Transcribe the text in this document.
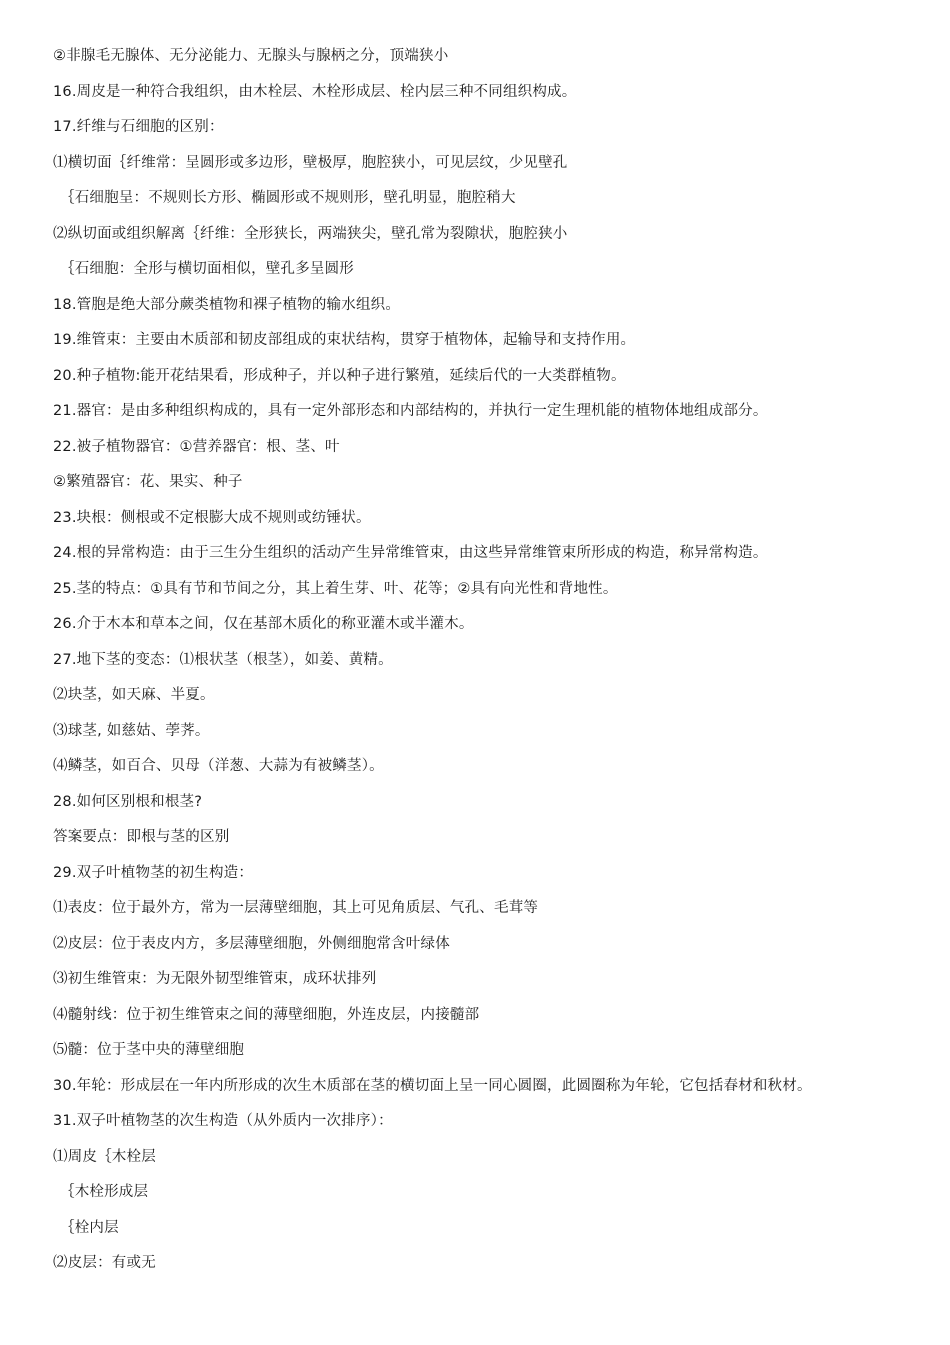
②非腺毛无腺体、无分泌能力、无腺头与腺柄之分，顶端狭小
16.周皮是一种符合我组织，由木栓层、木栓形成层、栓内层三种不同组织构成。
17.纤维与石细胞的区别：
⑴横切面｛纤维常：呈圆形或多边形，壁极厚，胞腔狭小，可见层纹，少见壁孔
｛石细胞呈：不规则长方形、椭圆形或不规则形，壁孔明显，胞腔稍大
⑵纵切面或组织解离｛纤维：全形狭长，两端狭尖，壁孔常为裂隙状，胞腔狭小
｛石细胞：全形与横切面相似，壁孔多呈圆形
18.管胞是绝大部分蕨类植物和裸子植物的输水组织。
19.维管束：主要由木质部和韧皮部组成的束状结构，贯穿于植物体，起输导和支持作用。
20.种子植物:能开花结果看，形成种子，并以种子进行繁殖，延续后代的一大类群植物。
21.器官：是由多种组织构成的，具有一定外部形态和内部结构的，并执行一定生理机能的植物体地组成部分。
22.被子植物器官：①营养器官：根、茎、叶
②繁殖器官：花、果实、种子
23.块根：侧根或不定根膨大成不规则或纺锤状。
24.根的异常构造：由于三生分生组织的活动产生异常维管束，由这些异常维管束所形成的构造，称异常构造。
25.茎的特点：①具有节和节间之分，其上着生芽、叶、花等；②具有向光性和背地性。
26.介于木本和草本之间，仅在基部木质化的称亚灌木或半灌木。
27.地下茎的变态：⑴根状茎（根茎），如姜、黄精。
⑵块茎，如天麻、半夏。
⑶球茎, 如慈姑、荸荠。
⑷鳞茎，如百合、贝母（洋葱、大蒜为有被鳞茎）。
28.如何区别根和根茎?
答案要点：即根与茎的区别
29.双子叶植物茎的初生构造：
⑴表皮：位于最外方，常为一层薄壁细胞，其上可见角质层、气孔、毛茸等
⑵皮层：位于表皮内方，多层薄壁细胞，外侧细胞常含叶绿体
⑶初生维管束：为无限外韧型维管束，成环状排列
⑷髓射线：位于初生维管束之间的薄壁细胞，外连皮层，内接髓部
⑸髓：位于茎中央的薄壁细胞
30.年轮：形成层在一年内所形成的次生木质部在茎的横切面上呈一同心圆圈，此圆圈称为年轮，它包括春材和秋材。
31.双子叶植物茎的次生构造（从外质内一次排序）：
⑴周皮｛木栓层
｛木栓形成层
｛栓内层
⑵皮层：有或无
